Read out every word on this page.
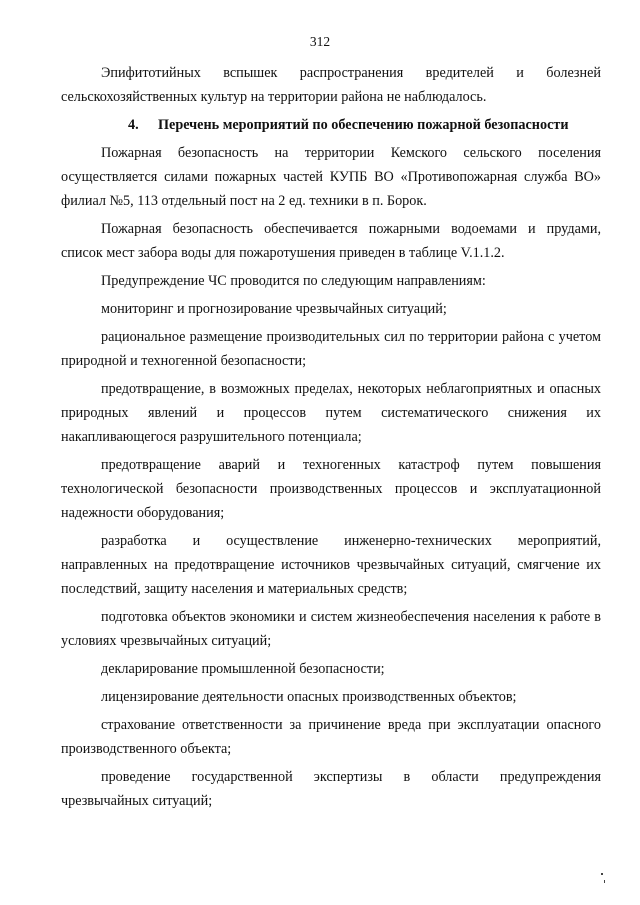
312

Эпифитотийных вспышек распространения вредителей и болезней сельскохозяйственных культур на территории района не наблюдалось.

4. Перечень мероприятий по обеспечению пожарной безопасности

Пожарная безопасность на территории Кемского сельского поселения осуществляется силами пожарных частей КУПБ ВО «Противопожарная служба ВО» филиал №5, 113 отдельный пост на 2 ед. техники в п. Борок.

Пожарная безопасность обеспечивается пожарными водоемами и прудами, список мест забора воды для пожаротушения приведен в таблице V.1.1.2.

Предупреждение ЧС проводится по следующим направлениям:

мониторинг и прогнозирование чрезвычайных ситуаций;

рациональное размещение производительных сил по территории района с учетом природной и техногенной безопасности;

предотвращение, в возможных пределах, некоторых неблагоприятных и опасных природных явлений и процессов путем систематического снижения их накапливающегося разрушительного потенциала;

предотвращение аварий и техногенных катастроф путем повышения технологической безопасности производственных процессов и эксплуатационной надежности оборудования;

разработка и осуществление инженерно-технических мероприятий, направленных на предотвращение источников чрезвычайных ситуаций, смягчение их последствий, защиту населения и материальных средств;

подготовка объектов экономики и систем жизнеобеспечения населения к работе в условиях чрезвычайных ситуаций;

декларирование промышленной безопасности;

лицензирование деятельности опасных производственных объектов;

страхование ответственности за причинение вреда при эксплуатации опасного производственного объекта;

проведение государственной экспертизы в области предупреждения чрезвычайных ситуаций;
